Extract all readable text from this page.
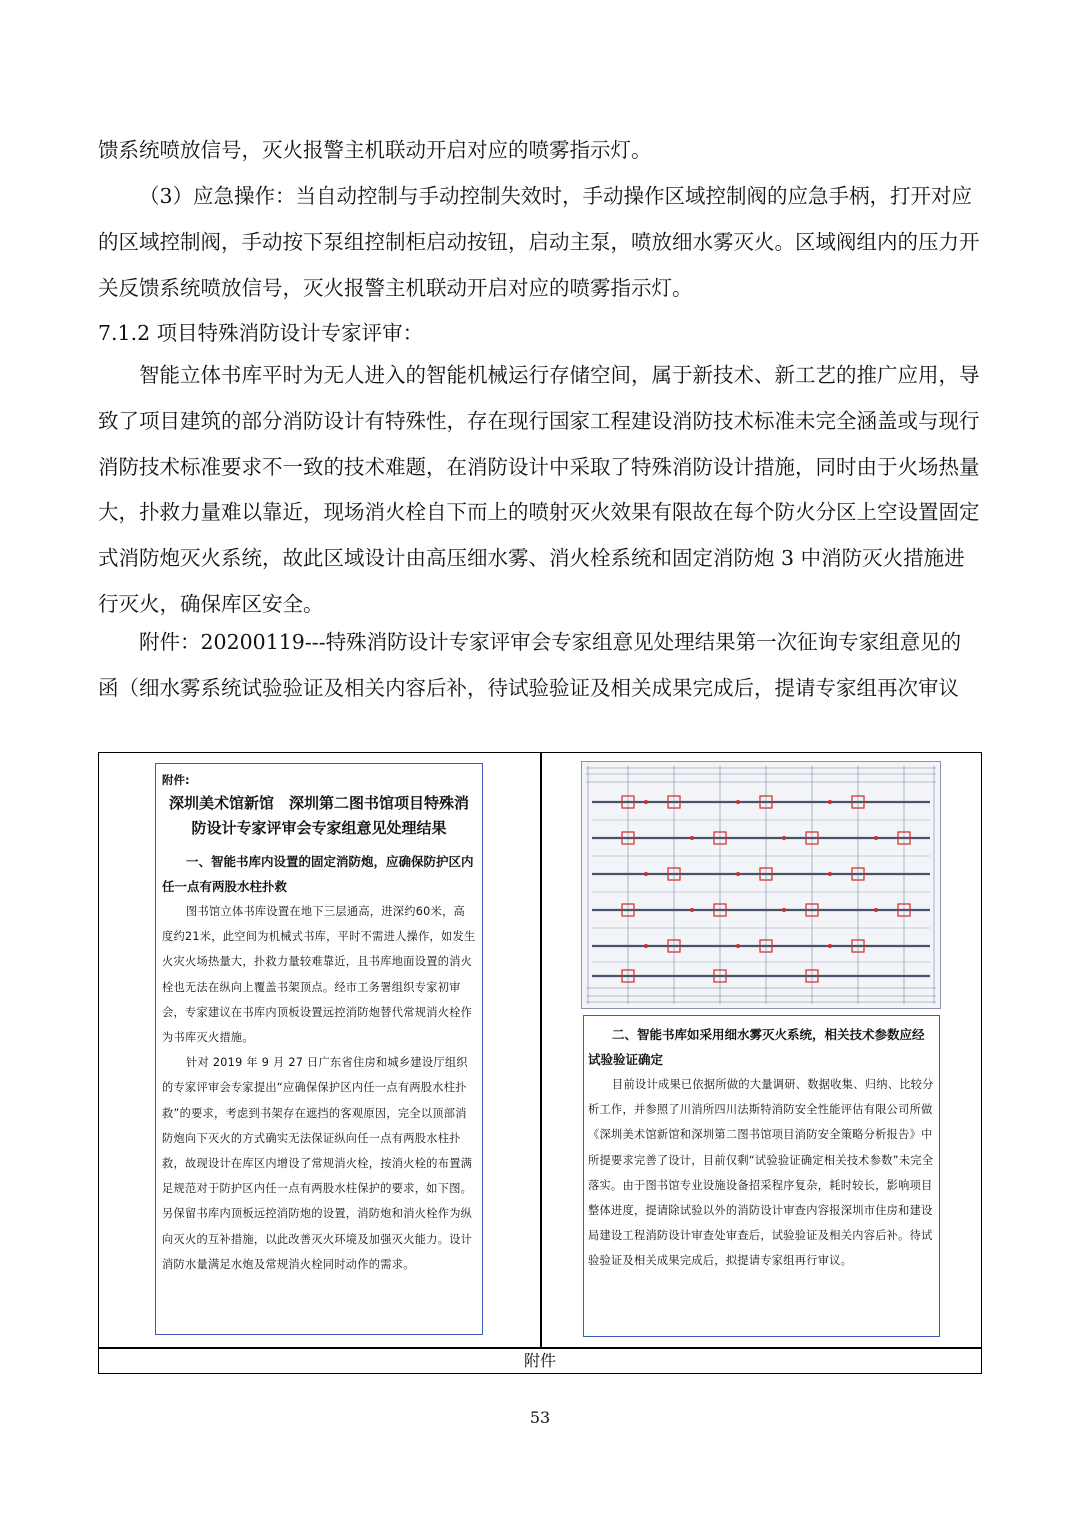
馈系统喷放信号，灭火报警主机联动开启对应的喷雾指示灯。

（3）应急操作：当自动控制与手动控制失效时，手动操作区域控制阀的应急手柄，打开对应的区域控制阀，手动按下泵组控制柜启动按钮，启动主泵，喷放细水雾灭火。区域阀组内的压力开关反馈系统喷放信号，灭火报警主机联动开启对应的喷雾指示灯。

7.1.2 项目特殊消防设计专家评审：

智能立体书库平时为无人进入的智能机械运行存储空间，属于新技术、新工艺的推广应用，导致了项目建筑的部分消防设计有特殊性，存在现行国家工程建设消防技术标准未完全涵盖或与现行消防技术标准要求不一致的技术难题，在消防设计中采取了特殊消防设计措施，同时由于火场热量大，扑救力量难以靠近，现场消火栓自下而上的喷射灭火效果有限故在每个防火分区上空设置固定式消防炮灭火系统，故此区域设计由高压细水雾、消火栓系统和固定消防炮 3 中消防灭火措施进行灭火，确保库区安全。

附件：20200119---特殊消防设计专家评审会专家组意见处理结果第一次征询专家组意见的函（细水雾系统试验验证及相关内容后补，待试验验证及相关成果完成后，提请专家组再次审议

附件:

深圳美术馆新馆　深圳第二图书馆项目特殊消防设计专家评审会专家组意见处理结果

一、智能书库内设置的固定消防炮，应确保防护区内任一点有两股水柱扑救

图书馆立体书库设置在地下三层通高，进深约60米，高度约21米，此空间为机械式书库，平时不需进人操作，如发生火灾火场热量大，扑救力量较难靠近，且书库地面设置的消火栓也无法在纵向上覆盖书架顶点。经市工务署组织专家初审会，专家建议在书库内顶板设置远控消防炮替代常规消火栓作为书库灭火措施。

针对 2019 年 9 月 27 日广东省住房和城乡建设厅组织的专家评审会专家提出“应确保保护区内任一点有两股水柱扑救”的要求，考虑到书架存在遮挡的客观原因，完全以顶部消防炮向下灭火的方式确实无法保证纵向任一点有两股水柱扑救，故现设计在库区内增设了常规消火栓，按消火栓的布置满足规范对于防护区内任一点有两股水柱保护的要求，如下图。另保留书库内顶板远控消防炮的设置，消防炮和消火栓作为纵向灭火的互补措施，以此改善灭火环境及加强灭火能力。设计消防水量满足水炮及常规消火栓同时动作的需求。

二、智能书库如采用细水雾灭火系统，相关技术参数应经试验验证确定

目前设计成果已依据所做的大量调研、数据收集、归纳、比较分析工作，并参照了川消所四川法斯特消防安全性能评估有限公司所做《深圳美术馆新馆和深圳第二图书馆项目消防安全策略分析报告》中所提要求完善了设计，目前仅剩“试验验证确定相关技术参数”未完全落实。由于图书馆专业设施设备招采程序复杂，耗时较长，影响项目整体进度，提请除试验以外的消防设计审查内容报深圳市住房和建设局建设工程消防设计审查处审查后，试验验证及相关内容后补。待试验验证及相关成果完成后，拟提请专家组再行审议。

附件
53
